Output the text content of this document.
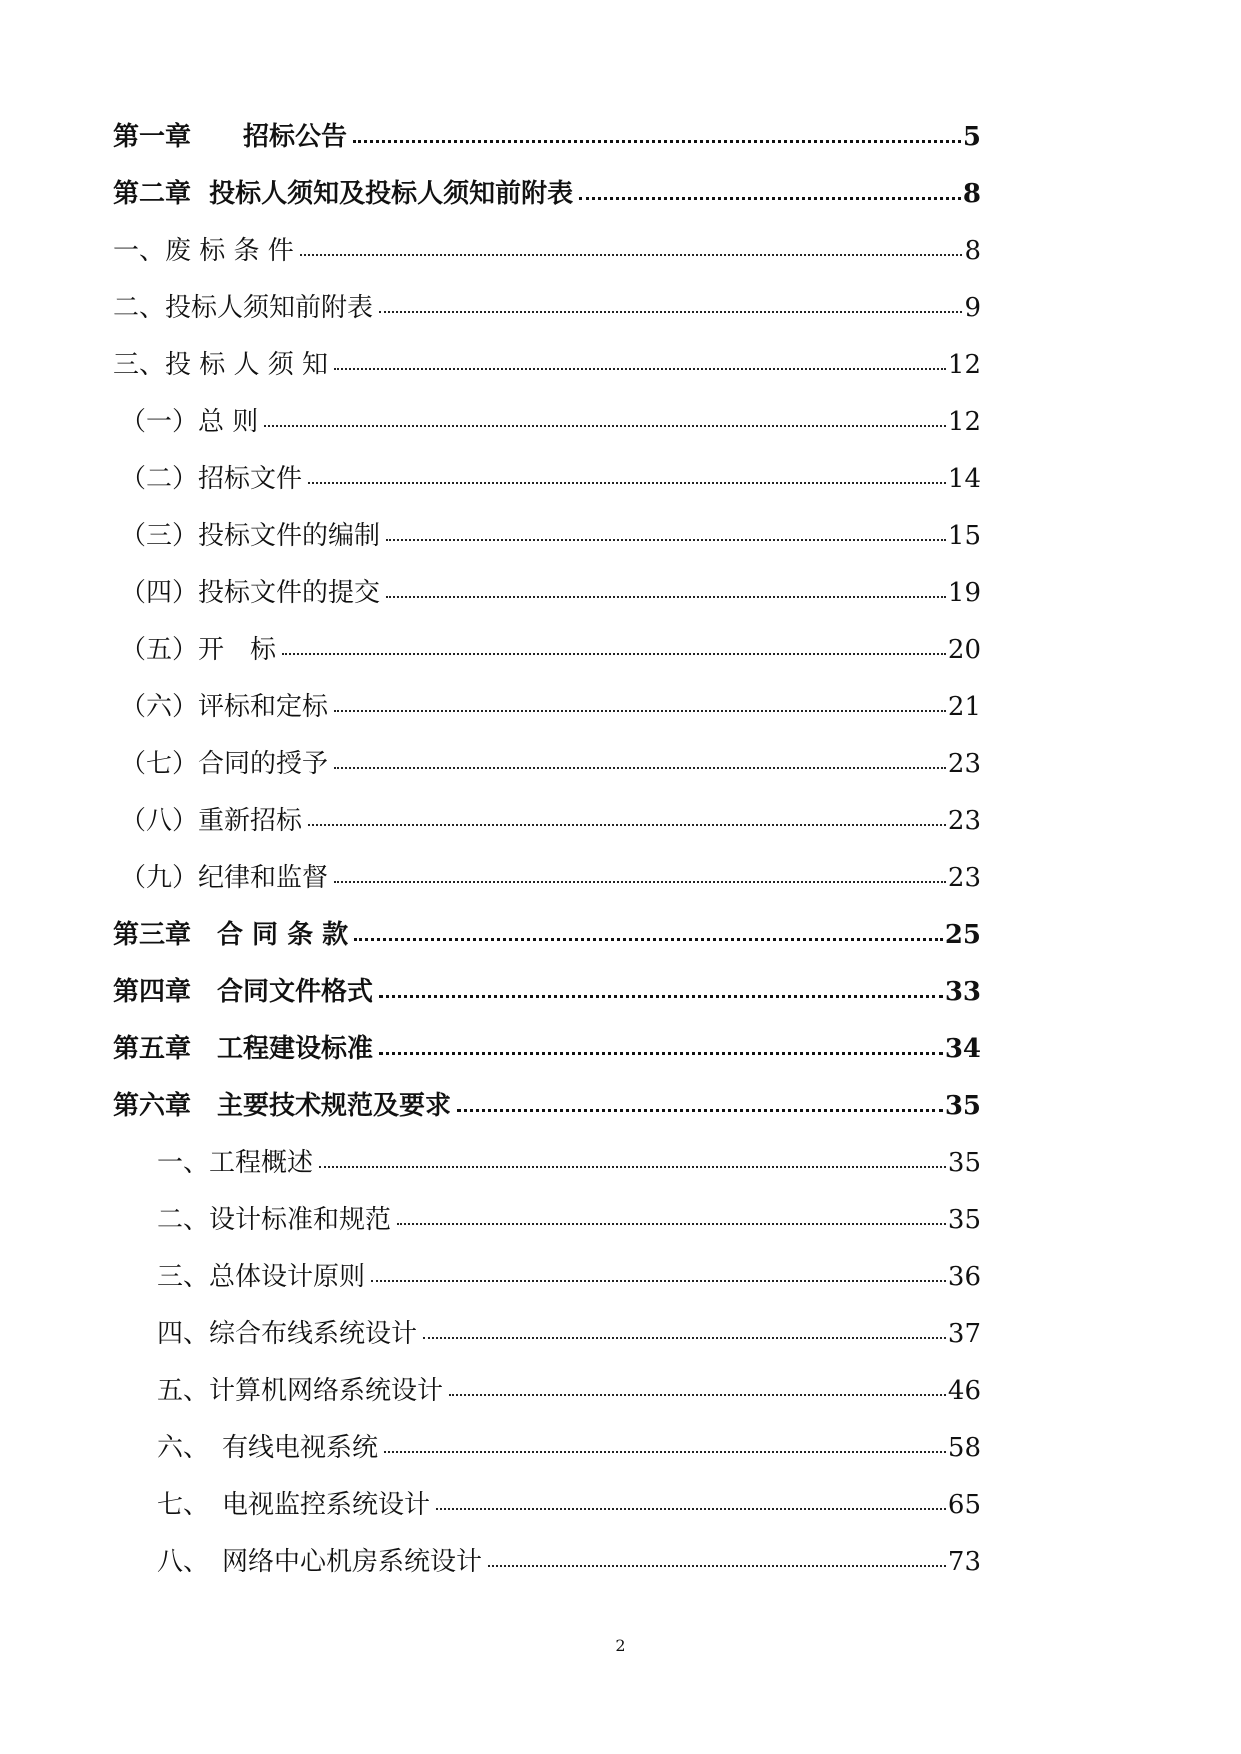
第一章　　招标公告	5
第二章  投标人须知及投标人须知前附表	8
一、废 标 条 件	8
二、投标人须知前附表	9
三、投 标 人 须 知	12
（一）总 则	12
（二）招标文件	14
（三）投标文件的编制	15
（四）投标文件的提交	19
（五）开　标	20
（六）评标和定标	21
（七）合同的授予	23
（八）重新招标	23
（九）纪律和监督	23
第三章　合 同 条 款	25
第四章　合同文件格式	33
第五章　工程建设标准	34
第六章　主要技术规范及要求	35
一、工程概述	35
二、设计标准和规范	35
三、总体设计原则	36
四、综合布线系统设计	37
五、计算机网络系统设计	46
六、　有线电视系统	58
七、　电视监控系统设计	65
八、　网络中心机房系统设计	73
2
